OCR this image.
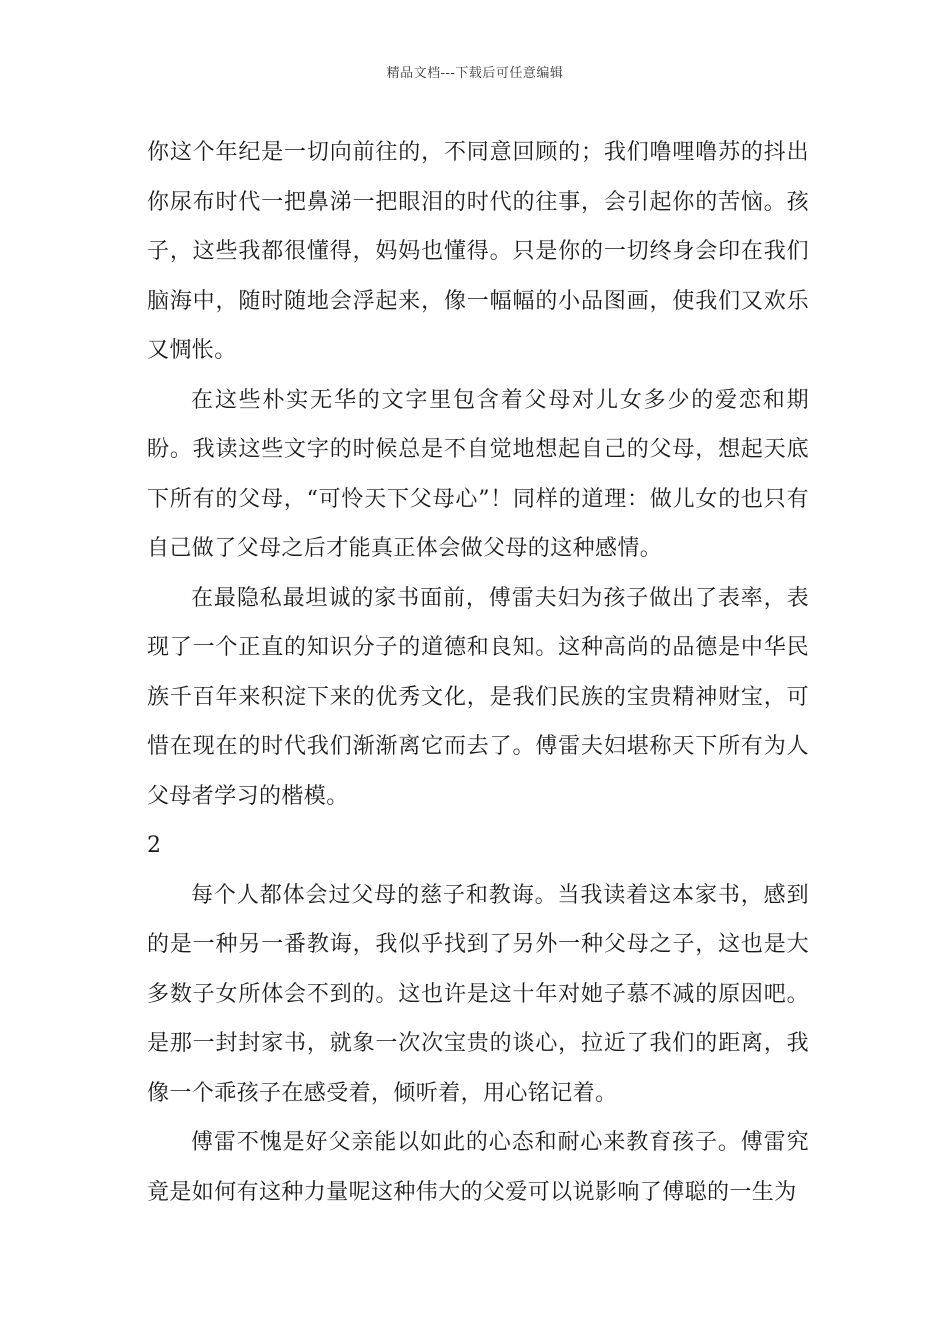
精品文档---下载后可任意编辑

你这个年纪是一切向前往的，不同意回顾的；我们噜哩噜苏的抖出你尿布时代一把鼻涕一把眼泪的时代的往事，会引起你的苦恼。孩子，这些我都很懂得，妈妈也懂得。只是你的一切终身会印在我们脑海中，随时随地会浮起来，像一幅幅的小品图画，使我们又欢乐又惆怅。

在这些朴实无华的文字里包含着父母对儿女多少的爱恋和期盼。我读这些文字的时候总是不自觉地想起自己的父母，想起天底下所有的父母，“可怜天下父母心”！同样的道理：做儿女的也只有自己做了父母之后才能真正体会做父母的这种感情。

在最隐私最坦诚的家书面前，傅雷夫妇为孩子做出了表率，表现了一个正直的知识分子的道德和良知。这种高尚的品德是中华民族千百年来积淀下来的优秀文化，是我们民族的宝贵精神财宝，可惜在现在的时代我们渐渐离它而去了。傅雷夫妇堪称天下所有为人父母者学习的楷模。

2

每个人都体会过父母的慈子和教诲。当我读着这本家书，感到的是一种另一番教诲，我似乎找到了另外一种父母之子，这也是大多数子女所体会不到的。这也许是这十年对她子慕不减的原因吧。是那一封封家书，就象一次次宝贵的谈心，拉近了我们的距离，我像一个乖孩子在感受着，倾听着，用心铭记着。

傅雷不愧是好父亲能以如此的心态和耐心来教育孩子。傅雷究竟是如何有这种力量呢这种伟大的父爱可以说影响了傅聪的一生为
